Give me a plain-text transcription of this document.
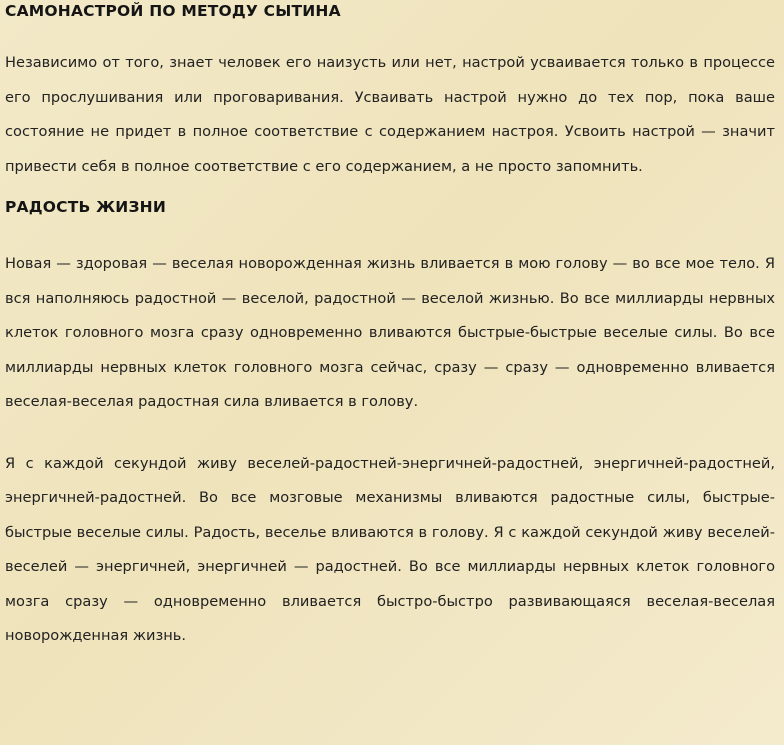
САМОНАСТРОЙ ПО МЕТОДУ СЫТИНА

Независимо от того, знает человек его наизусть или нет, настрой усваивается только в процессе его прослушивания или проговаривания. Усваивать настрой нужно до тех пор, пока ваше состояние не придет в полное соответствие с содержанием настроя. Усвоить настрой — значит привести себя в полное соответствие с его содержанием, а не просто запомнить.

РАДОСТЬ ЖИЗНИ

Новая — здоровая — веселая новорожденная жизнь вливается в мою голову — во все мое тело. Я вся наполняюсь радостной — веселой, радостной — веселой жизнью. Во все миллиарды нервных клеток головного мозга сразу одновременно вливаются быстрые-быстрые веселые силы. Во все миллиарды нервных клеток головного мозга сейчас, сразу — сразу — одновременно вливается веселая-веселая радостная сила вливается в голову.

Я с каждой секундой живу веселей-радостней-энергичней-радостней, энергичней-радостней, энергичней-радостней. Во все мозговые механизмы вливаются радостные силы, быстрые-быстрые веселые силы. Радость, веселье вливаются в голову. Я с каждой секундой живу веселей-веселей — энергичней, энергичней — радостней. Во все миллиарды нервных клеток головного мозга сразу — одновременно вливается быстро-быстро развивающаяся веселая-веселая новорожденная жизнь.
